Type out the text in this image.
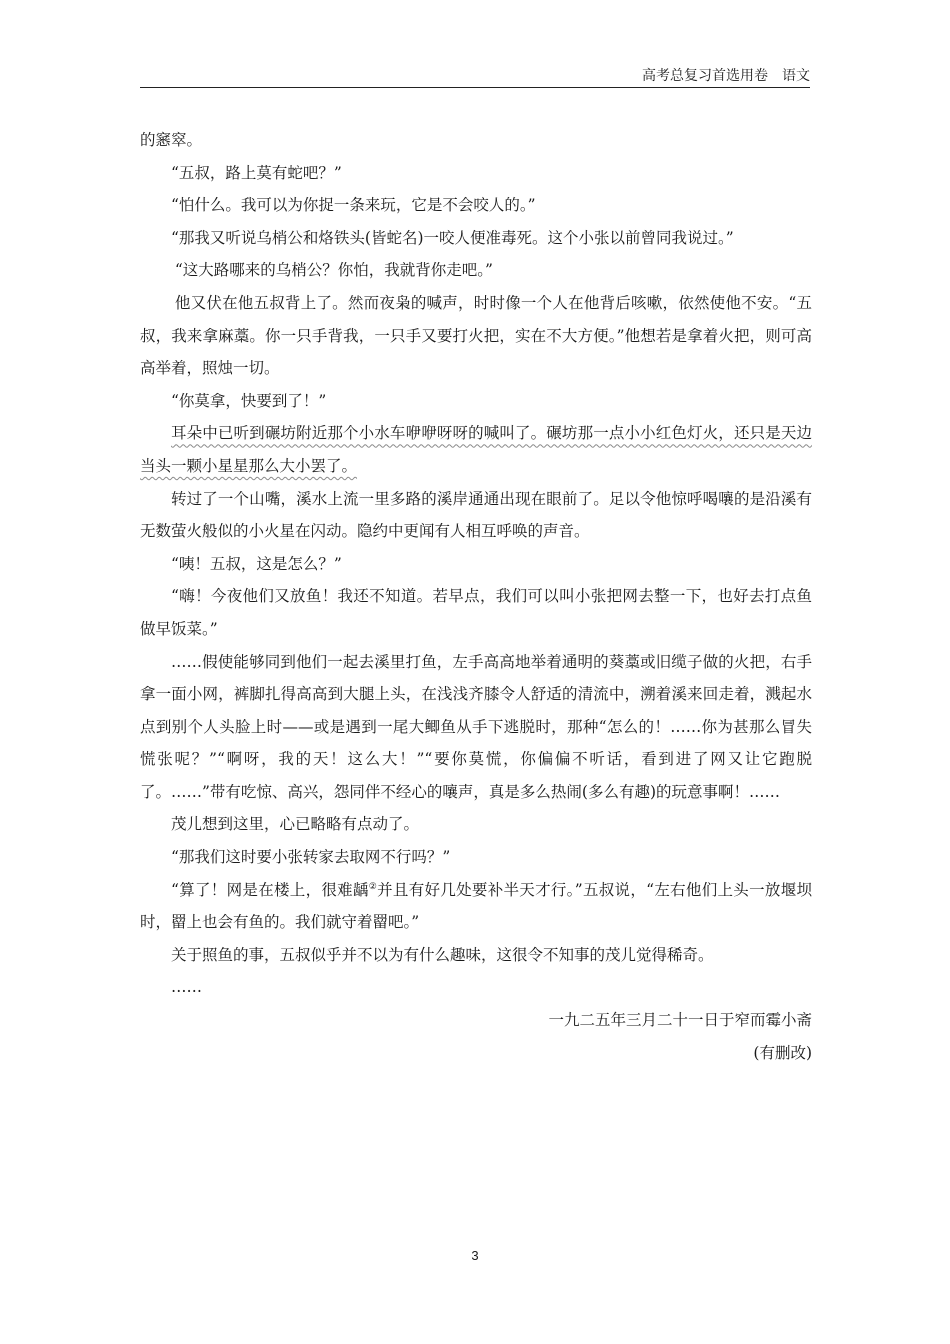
高考总复习首选用卷　语文

的窸窣。

“五叔，路上莫有蛇吧？”

“怕什么。我可以为你捉一条来玩，它是不会咬人的。”

“那我又听说乌梢公和烙铁头(皆蛇名)一咬人便准毒死。这个小张以前曾同我说过。”

“这大路哪来的乌梢公？你怕，我就背你走吧。”

他又伏在他五叔背上了。然而夜枭的喊声，时时像一个人在他背后咳嗽，依然使他不安。“五叔，我来拿麻藁。你一只手背我，一只手又要打火把，实在不大方便。”他想若是拿着火把，则可高高举着，照烛一切。

“你莫拿，快要到了！”

耳朵中已听到碾坊附近那个小水车咿咿呀呀的喊叫了。碾坊那一点小小红色灯火，还只是天边当头一颗小星星那么大小罢了。

转过了一个山嘴，溪水上流一里多路的溪岸通通出现在眼前了。足以令他惊呼喝嚷的是沿溪有无数萤火般似的小火星在闪动。隐约中更闻有人相互呼唤的声音。

“咦！五叔，这是怎么？”

“嗨！今夜他们又放鱼！我还不知道。若早点，我们可以叫小张把网去整一下，也好去打点鱼做早饭菜。”

……假使能够同到他们一起去溪里打鱼，左手高高地举着通明的葵藁或旧缆子做的火把，右手拿一面小网，裤脚扎得高高到大腿上头，在浅浅齐膝令人舒适的清流中，溯着溪来回走着，溅起水点到别个人头脸上时——或是遇到一尾大鲫鱼从手下逃脱时，那种“怎么的！……你为甚那么冒失慌张呢？”“啊呀，我的天！这么大！”“要你莫慌，你偏偏不听话，看到进了网又让它跑脱了。……”带有吃惊、高兴，怨同伴不经心的嚷声，真是多么热闹(多么有趣)的玩意事啊！……

茂儿想到这里，心已略略有点动了。

“那我们这时要小张转家去取网不行吗？”

“算了！网是在楼上，很难龋②并且有好几处要补半天才行。”五叔说，“左右他们上头一放堰坝时，罶上也会有鱼的。我们就守着罶吧。”

关于照鱼的事，五叔似乎并不以为有什么趣味，这很令不知事的茂儿觉得稀奇。

……

一九二五年三月二十一日于窄而霉小斋

(有删改)

3
